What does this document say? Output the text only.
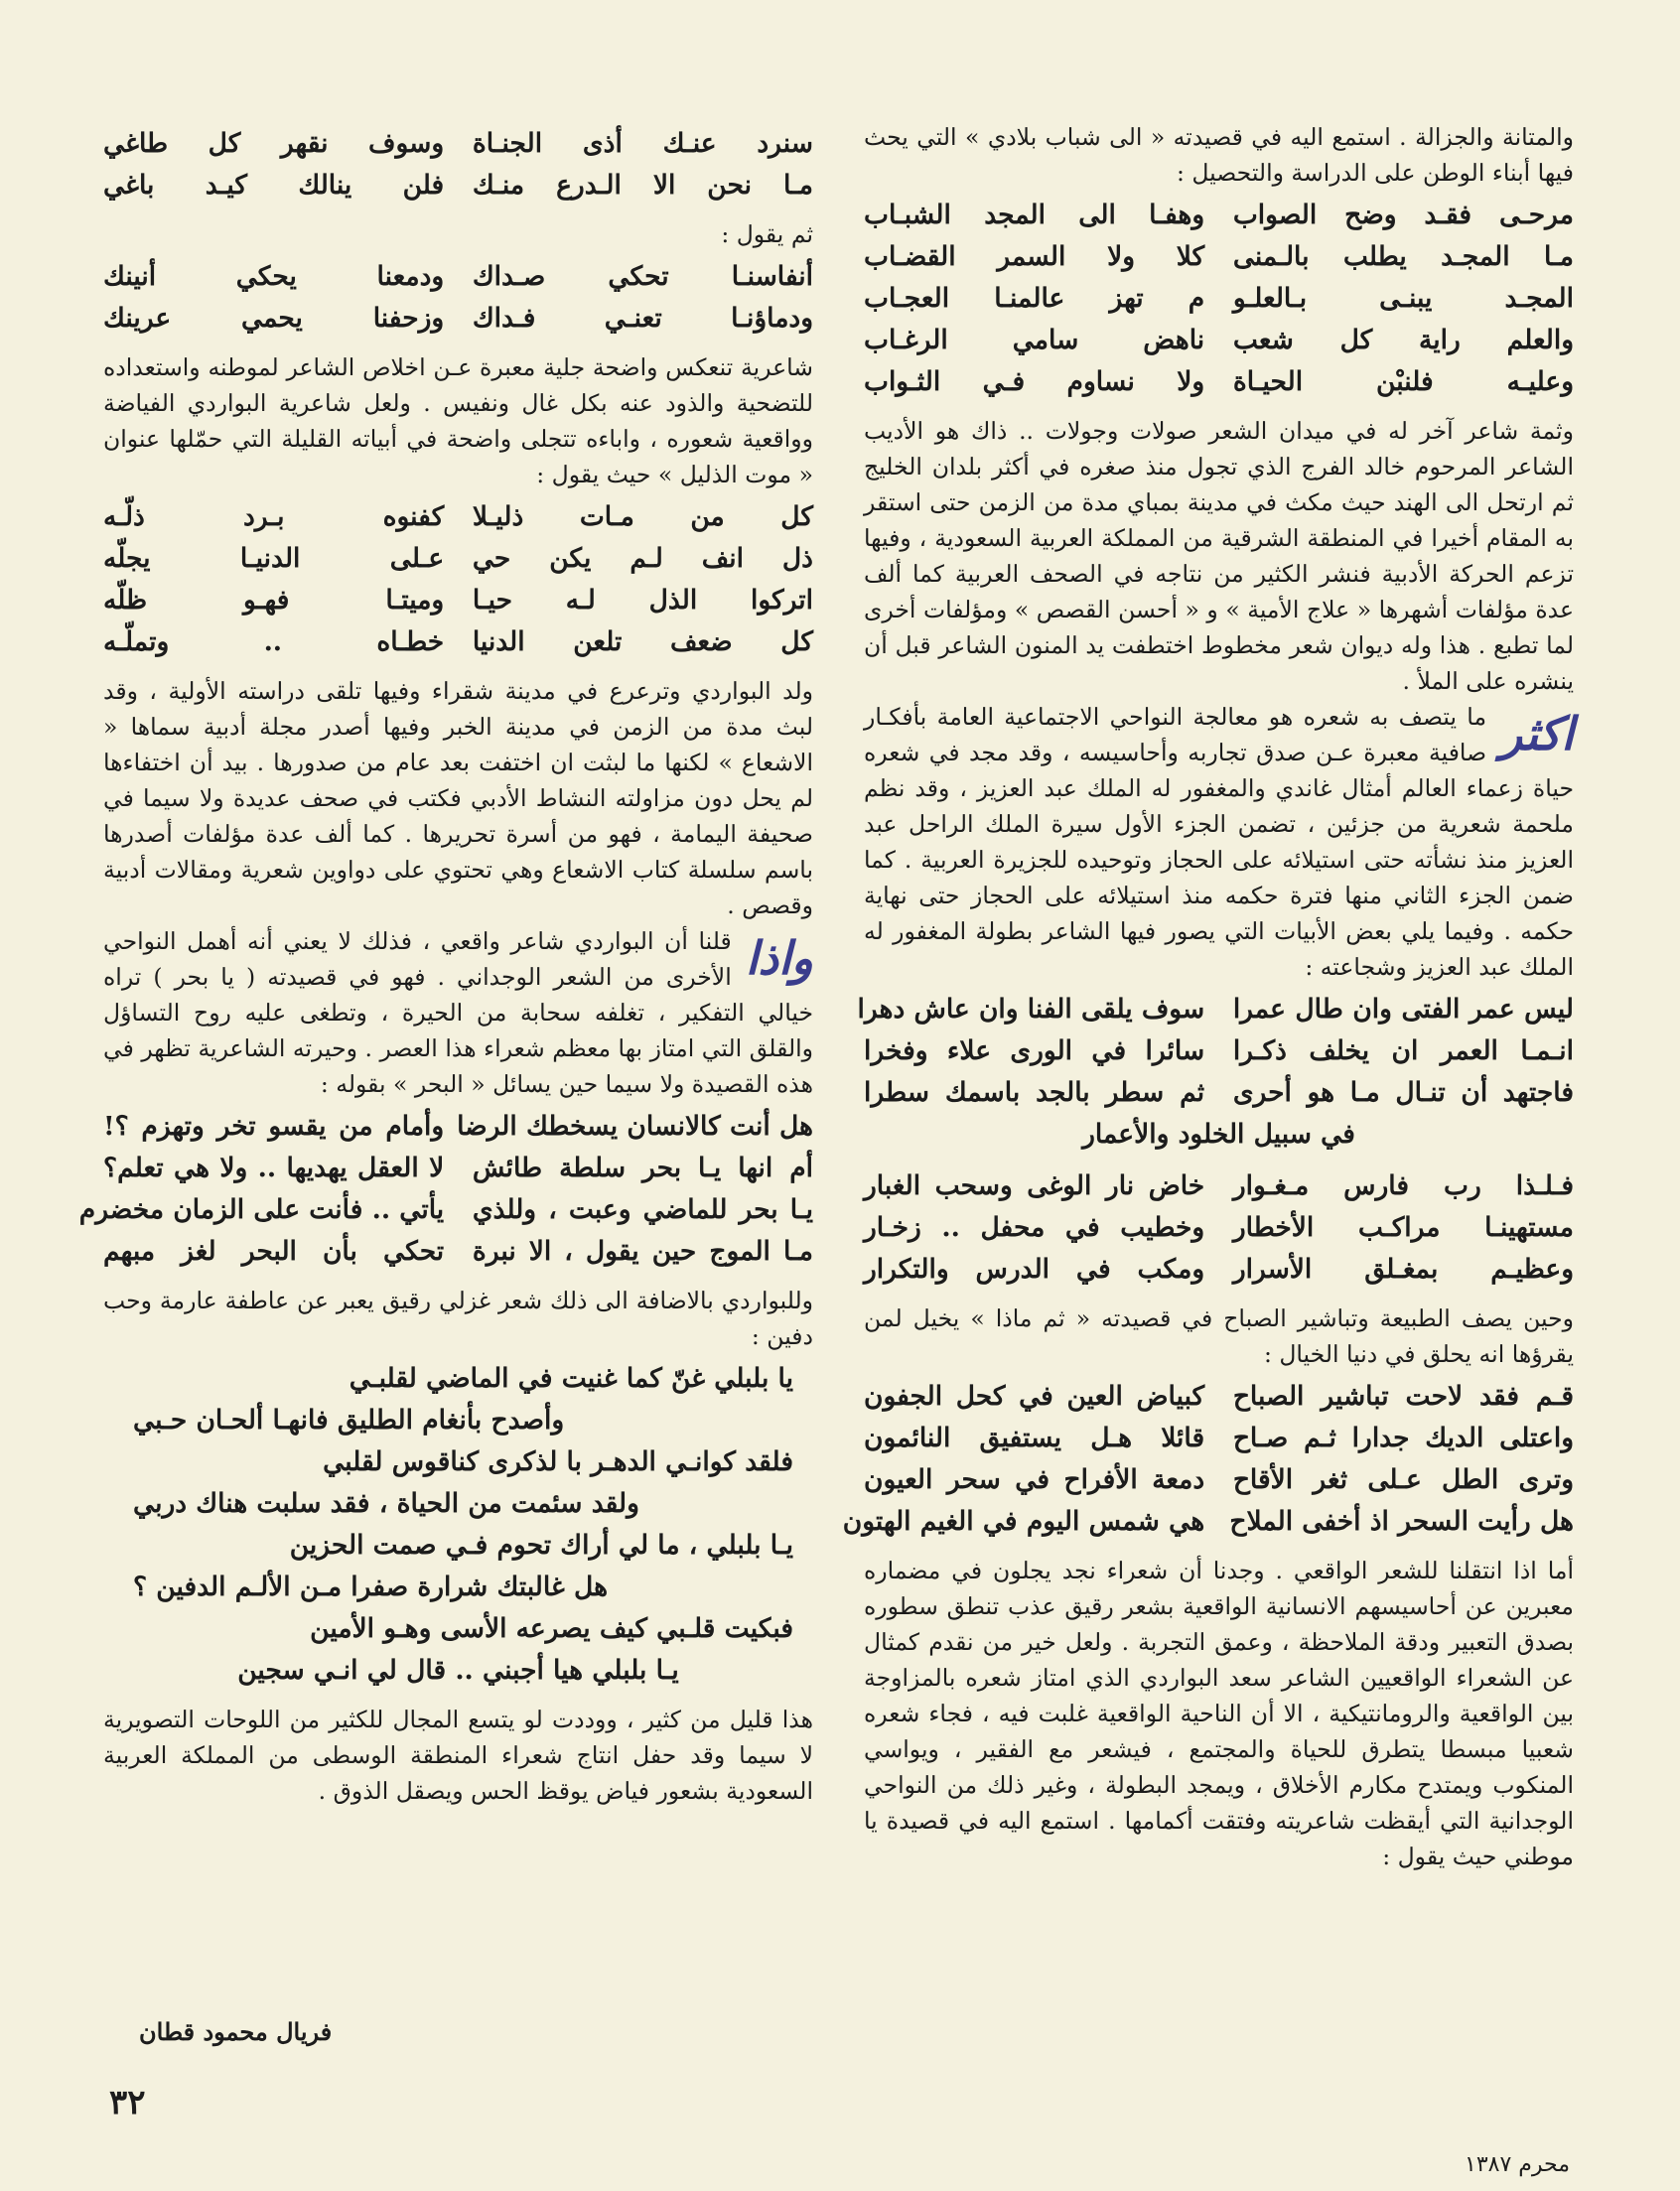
والمتانة والجزالة . استمع اليه في قصيدته « الى شباب بلادي » التي يحث فيها أبناء الوطن على الدراسة والتحصيل :

مرحـى فقـد وضح الصواب
وهفـا الى المجد الشبـاب
مـا المجـد يطلب بالـمنى
كلا ولا السمر القضـاب
المجـد يبنـى بـالعلـو
م تهز عالمنـا العجـاب
والعلم راية كل شعب
ناهض سامي الرغـاب
وعليـه فلنبْن الحيـاة
ولا نساوم فـي الثـواب

وثمة شاعر آخر له في ميدان الشعر صولات وجولات .. ذاك هو الأديب الشاعر المرحوم خالد الفرج الذي تجول منذ صغره في أكثر بلدان الخليج ثم ارتحل الى الهند حيث مكث في مدينة بمباي مدة من الزمن حتى استقر به المقام أخيرا في المنطقة الشرقية من المملكة العربية السعودية ، وفيها تزعم الحركة الأدبية فنشر الكثير من نتاجه في الصحف العربية كما ألف عدة مؤلفات أشهرها « علاج الأمية » و « أحسن القصص » ومؤلفات أخرى لما تطبع . هذا وله ديوان شعر مخطوط اختطفت يد المنون الشاعر قبل أن ينشره على الملأ .

اكثر

ما يتصف به شعره هو معالجة النواحي الاجتماعية العامة بأفكـار صافية معبرة عـن صدق تجاربه وأحاسيسه ، وقد مجد في شعره حياة زعماء العالم أمثال غاندي والمغفور له الملك عبد العزيز ، وقد نظم ملحمة شعرية من جزئين ، تضمن الجزء الأول سيرة الملك الراحل عبد العزيز منذ نشأته حتى استيلائه على الحجاز وتوحيده للجزيرة العربية . كما ضمن الجزء الثاني منها فترة حكمه منذ استيلائه على الحجاز حتى نهاية حكمه . وفيما يلي بعض الأبيات التي يصور فيها الشاعر بطولة المغفور له الملك عبد العزيز وشجاعته :

ليس عمر الفتى وان طال عمرا
سوف يلقى الفنا وان عاش دهرا
انـمـا العمر ان يخلف ذكـرا
سائرا في الورى علاء وفخرا
فاجتهد أن تنـال مـا هو أحرى
ثم سطر بالجد باسمك سطرا
في سبيل الخلود والأعمار
فـلـذا رب فارس مـغـوار
خاض نار الوغى وسحب الغبار
مستهينـا مراكـب الأخطار
وخطيب في محفل .. زخـار
وعظيـم بمغـلق الأسرار
ومكب في الدرس والتكرار

وحين يصف الطبيعة وتباشير الصباح في قصيدته « ثم ماذا » يخيل لمن يقرؤها انه يحلق في دنيا الخيال :

قـم فقد لاحت تباشير الصباح
كبياض العين في كحل الجفون
واعتلى الديك جدارا ثـم صـاح
قائلا هـل يستفيق النائمون
وترى الطل عـلى ثغر الأقاح
دمعة الأفراح في سحر العيون
هل رأيت السحر اذ أخفى الملاح
هي شمس اليوم في الغيم الهتون

أما اذا انتقلنا للشعر الواقعي . وجدنا أن شعراء نجد يجلون في مضماره معبرين عن أحاسيسهم الانسانية الواقعية بشعر رقيق عذب تنطق سطوره بصدق التعبير ودقة الملاحظة ، وعمق التجربة . ولعل خير من نقدم كمثال عن الشعراء الواقعيين الشاعر سعد البواردي الذي امتاز شعره بالمزاوجة بين الواقعية والرومانتيكية ، الا أن الناحية الواقعية غلبت فيه ، فجاء شعره شعبيا مبسطا يتطرق للحياة والمجتمع ، فيشعر مع الفقير ، ويواسي المنكوب ويمتدح مكارم الأخلاق ، ويمجد البطولة ، وغير ذلك من النواحي الوجدانية التي أيقظت شاعريته وفتقت أكمامها . استمع اليه في قصيدة يا موطني حيث يقول :

سنرد عنـك أذى الجنـاة
وسوف نقهر كل طاغي
مـا نحن الا الـدرع منـك
فلن ينالك كيـد باغي

ثم يقول :

أنفاسنـا تحكي صـداك
ودمعنا يحكي أنينك
ودماؤنـا تعنـي فـداك
وزحفنا يحمي عرينك

شاعرية تنعكس واضحة جلية معبرة عـن اخلاص الشاعر لموطنه واستعداده للتضحية والذود عنه بكل غال ونفيس . ولعل شاعرية البواردي الفياضة وواقعية شعوره ، واباءه تتجلى واضحة في أبياته القليلة التي حمّلها عنوان « موت الذليل » حيث يقول :

كل من مـات ذليـلا
كفنوه بـرد ذلّـه
ذل انف لـم يكن حي
عـلى الدنيـا يجلّه
اتركوا الذل لـه حيـا
وميتـا فهـو ظلّه
كل ضعف تلعن الدنيا
خطـاه .. وتملّـه

ولد البواردي وترعرع في مدينة شقراء وفيها تلقى دراسته الأولية ، وقد لبث مدة من الزمن في مدينة الخبر وفيها أصدر مجلة أدبية سماها « الاشعاع » لكنها ما لبثت ان اختفت بعد عام من صدورها . بيد أن اختفاءها لم يحل دون مزاولته النشاط الأدبي فكتب في صحف عديدة ولا سيما في صحيفة اليمامة ، فهو من أسرة تحريرها . كما ألف عدة مؤلفات أصدرها باسم سلسلة كتاب الاشعاع وهي تحتوي على دواوين شعرية ومقالات أدبية وقصص .

واذا

قلنا أن البواردي شاعر واقعي ، فذلك لا يعني أنه أهمل النواحي الأخرى من الشعر الوجداني . فهو في قصيدته ( يا بحر ) تراه خيالي التفكير ، تغلفه سحابة من الحيرة ، وتطغى عليه روح التساؤل والقلق التي امتاز بها معظم شعراء هذا العصر . وحيرته الشاعرية تظهر في هذه القصيدة ولا سيما حين يسائل « البحر » بقوله :

هل أنت كالانسان يسخطك الرضا
وأمام من يقسو تخر وتهزم ؟!
أم انها يـا بحر سلطة طائش
لا العقل يهديها .. ولا هي تعلم؟
يـا بحر للماضي وعبت ، وللذي
يأتي .. فأنت على الزمان مخضرم
مـا الموج حين يقول ، الا نبرة
تحكي بأن البحر لغز مبهم

وللبواردي بالاضافة الى ذلك شعر غزلي رقيق يعبر عن عاطفة عارمة وحب دفين :

يا بلبلي غنّ كما غنيت في الماضي لقلبـي
وأصدح بأنغام الطليق فانهـا ألحـان حـبي
فلقد كوانـي الدهـر با لذكرى كناقوس لقلبي
ولقد سئمت من الحياة ، فقد سلبت هناك دربي
يـا بلبلي ، ما لي أراك تحوم فـي صمت الحزين
هل غالبتك شرارة صفرا مـن الألـم الدفين ؟
فبكيت قلـبي كيف يصرعه الأسى وهـو الأمين
يـا بلبلي هيا أجبني .. قال لي انـي سجين

هذا قليل من كثير ، ووددت لو يتسع المجال للكثير من اللوحات التصويرية لا سيما وقد حفل انتاج شعراء المنطقة الوسطى من المملكة العربية السعودية بشعور فياض يوقظ الحس ويصقل الذوق .

فريال محمود قطان
٣٢
محرم ١٣٨٧
